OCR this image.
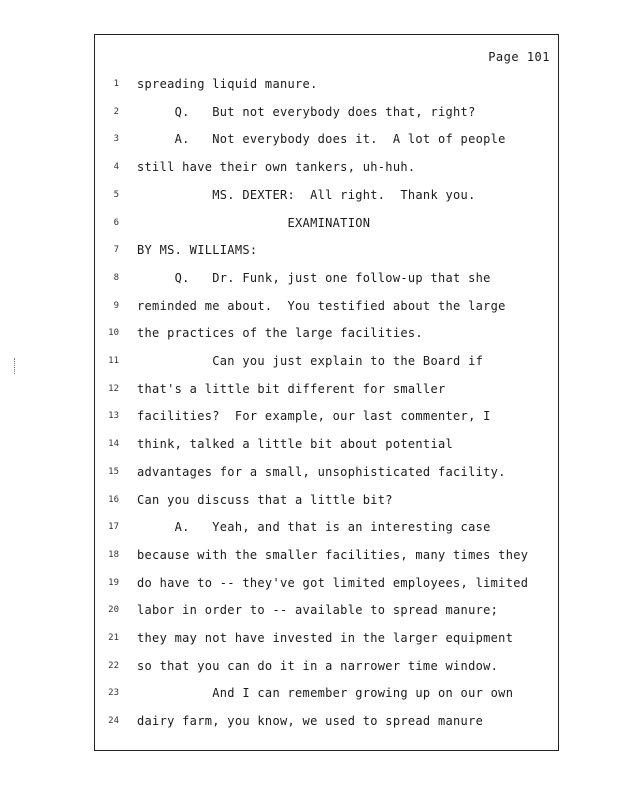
Page 101
1 spreading liquid manure.
2 Q.   But not everybody does that, right?
3 A.   Not everybody does it.  A lot of people
4 still have their own tankers, uh-huh.
5 MS. DEXTER:  All right.  Thank you.
6 EXAMINATION
7 BY MS. WILLIAMS:
8 Q.   Dr. Funk, just one follow-up that she
9 reminded me about.  You testified about the large
10 the practices of the large facilities.
11 Can you just explain to the Board if
12 that's a little bit different for smaller
13 facilities?  For example, our last commenter, I
14 think, talked a little bit about potential
15 advantages for a small, unsophisticated facility.
16 Can you discuss that a little bit?
17 A.   Yeah, and that is an interesting case
18 because with the smaller facilities, many times they
19 do have to -- they've got limited employees, limited
20 labor in order to -- available to spread manure;
21 they may not have invested in the larger equipment
22 so that you can do it in a narrower time window.
23 And I can remember growing up on our own
24 dairy farm, you know, we used to spread manure
